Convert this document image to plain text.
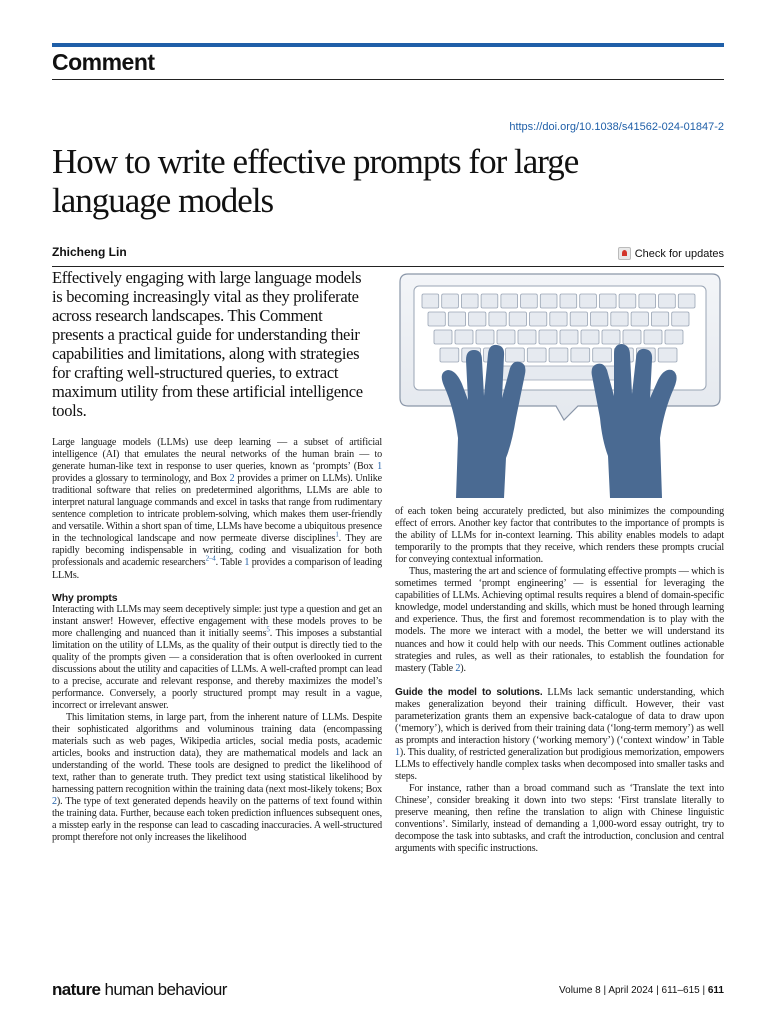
Comment
https://doi.org/10.1038/s41562-024-01847-2
How to write effective prompts for large language models
Zhicheng Lin	Check for updates

Effectively engaging with large language models is becoming increasingly vital as they proliferate across research landscapes. This Comment presents a practical guide for understanding their capabilities and limitations, along with strategies for crafting well-structured queries, to extract maximum utility from these artificial intelligence tools.

Large language models (LLMs) use deep learning — a subset of artificial intelligence (AI) that emulates the neural networks of the human brain — to generate human-like text in response to user queries, known as ‘prompts’ (Box 1 provides a glossary to terminology, and Box 2 provides a primer on LLMs). Unlike traditional software that relies on predetermined algorithms, LLMs are able to interpret natural language commands and excel in tasks that range from rudimentary sentence completion to intricate problem-solving, which makes them user-friendly and versatile. Within a short span of time, LLMs have become a ubiquitous presence in the technological landscape and now permeate diverse disciplines$^1$. They are rapidly becoming indispensable in writing, coding and visualization for both professionals and academic researchers$^{2-4}$. Table 1 provides a comparison of leading LLMs.

Why prompts

Interacting with LLMs may seem deceptively simple: just type a question and get an instant answer! However, effective engagement with these models proves to be more challenging and nuanced than it initially seems$^5$. This imposes a substantial limitation on the utility of LLMs, as the quality of their output is directly tied to the quality of the prompts given — a consideration that is often overlooked in current discussions about the utility and capacities of LLMs. A well-crafted prompt can lead to a precise, accurate and relevant response, and thereby maximizes the model’s performance. Conversely, a poorly structured prompt may result in a vague, incorrect or irrelevant answer.

This limitation stems, in large part, from the inherent nature of LLMs. Despite their sophisticated algorithms and voluminous training data (encompassing materials such as web pages, Wikipedia articles, social media posts, academic articles, books and instruction data), they are mathematical models and lack an understanding of the world. These tools are designed to predict the likelihood of text, rather than to generate truth. They predict text using statistical likelihood by harnessing pattern recognition within the training data (next most-likely tokens; Box 2). The type of text generated depends heavily on the patterns of text found within the training data. Further, because each token prediction influences subsequent ones, a misstep early in the response can lead to cascading inaccuracies. A well-structured prompt therefore not only increases the likelihood

of each token being accurately predicted, but also minimizes the compounding effect of errors. Another key factor that contributes to the importance of prompts is the ability of LLMs for in-context learning. This ability enables models to adapt temporarily to the prompts that they receive, which renders these prompts crucial for conveying contextual information.

Thus, mastering the art and science of formulating effective prompts — which is sometimes termed ‘prompt engineering’ — is essential for leveraging the capabilities of LLMs. Achieving optimal results requires a blend of domain-specific knowledge, model understanding and skills, which must be honed through learning and experience. Thus, the first and foremost recommendation is to play with the models. The more we interact with a model, the better we will understand its nuances and how it could help with our needs. This Comment outlines actionable strategies and rules, as well as their rationales, to establish the foundation for mastery (Table 2).

Guide the model to solutions. LLMs lack semantic understanding, which makes generalization beyond their training difficult. However, their vast parameterization grants them an expensive back-catalogue of data to draw upon (‘memory’), which is derived from their training data (‘long-term memory’) as well as prompts and interaction history (‘working memory’) (‘context window’ in Table 1). This duality, of restricted generalization but prodigious memorization, empowers LLMs to effectively handle complex tasks when decomposed into smaller tasks and steps.

For instance, rather than a broad command such as ‘Translate the text into Chinese’, consider breaking it down into two steps: ‘First translate literally to preserve meaning, then refine the translation to align with Chinese linguistic conventions’. Similarly, instead of demanding a 1,000-word essay outright, try to decompose the task into subtasks, and craft the introduction, conclusion and central arguments with specific instructions.

nature human behaviour	Volume 8 | April 2024 | 611–615 | 611
